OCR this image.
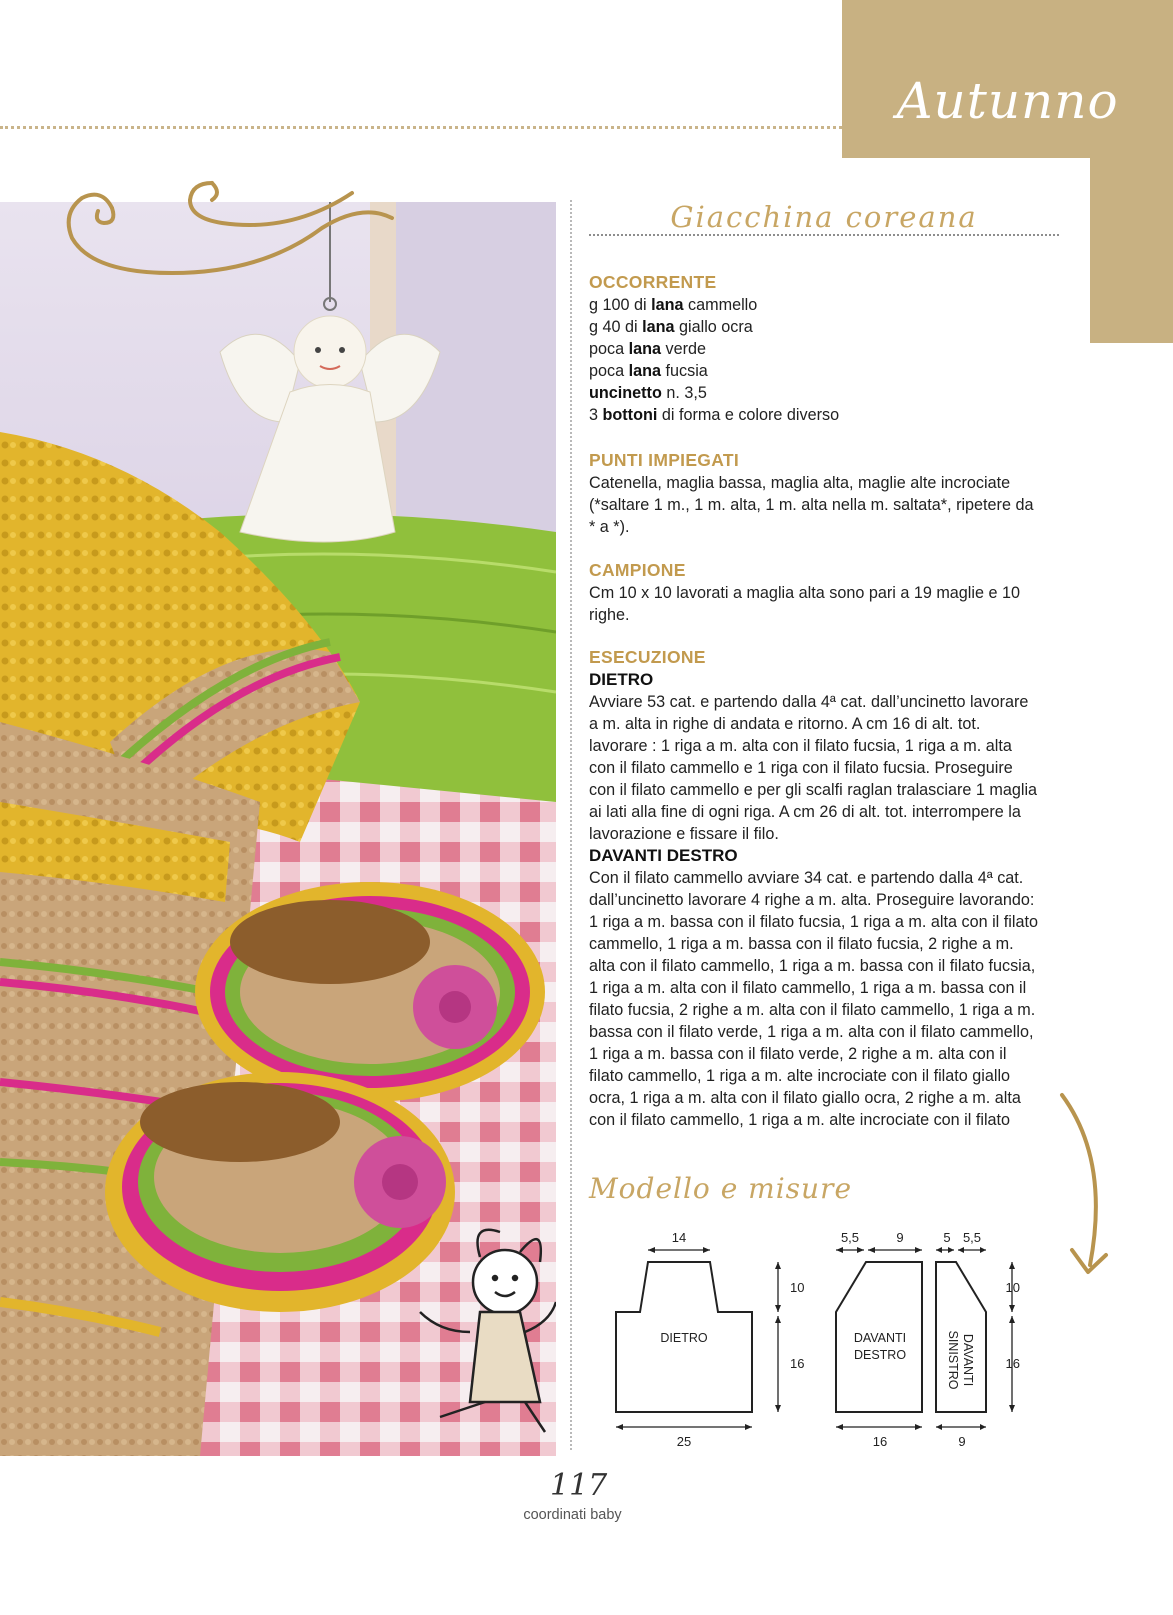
Autunno
Giacchina coreana
OCCORRENTE
g 100 di lana cammello
g 40 di lana giallo ocra
poca lana verde
poca lana fucsia
uncinetto n. 3,5
3 bottoni di forma e colore diverso
PUNTI IMPIEGATI
Catenella, maglia bassa, maglia alta, maglie alte incrociate
(*saltare 1 m., 1 m. alta, 1 m. alta nella m. saltata*, ripetere da
* a *).
CAMPIONE
Cm 10 x 10 lavorati a maglia alta sono pari a 19 maglie e 10
righe.
ESECUZIONE
DIETRO
Avviare 53 cat. e partendo dalla 4ª cat. dall’uncinetto lavorare
a m. alta in righe di andata e ritorno. A cm 16 di alt. tot.
lavorare : 1 riga a m. alta con il filato fucsia, 1 riga a m. alta
con il filato cammello e 1 riga con il filato fucsia. Proseguire
con il filato cammello e per gli scalfi raglan tralasciare 1 maglia
ai lati alla fine di ogni riga. A cm 26 di alt. tot. interrompere la
lavorazione e fissare il filo.
DAVANTI DESTRO
Con il filato cammello avviare 34 cat. e partendo dalla 4ª cat.
dall’uncinetto lavorare 4 righe a m. alta. Proseguire lavorando:
1 riga a m. bassa con il filato fucsia, 1 riga a m. alta con il filato
cammello, 1 riga a m. bassa con il filato fucsia, 2 righe a m.
alta con il filato cammello, 1 riga a m. bassa con il filato fucsia,
1 riga a m. alta con il filato cammello, 1 riga a m. bassa con il
filato fucsia, 2 righe a m. alta con il filato cammello, 1 riga a m.
bassa con il filato verde, 1 riga a m. alta con il filato cammello,
1 riga a m. bassa con il filato verde, 2 righe a m. alta con il
filato cammello, 1 riga a m. alte incrociate con il filato giallo
ocra, 1 riga a m. alta con il filato giallo ocra, 2 righe a m. alta
con il filato cammello, 1 riga a m. alte incrociate con il filato
Modello e misure
14
25
10
16
DIETRO
5,5	9
16
DAVANTI
DESTRO
5 5,5
9
10
16
DAVANTI
SINISTRO
117
coordinati baby
